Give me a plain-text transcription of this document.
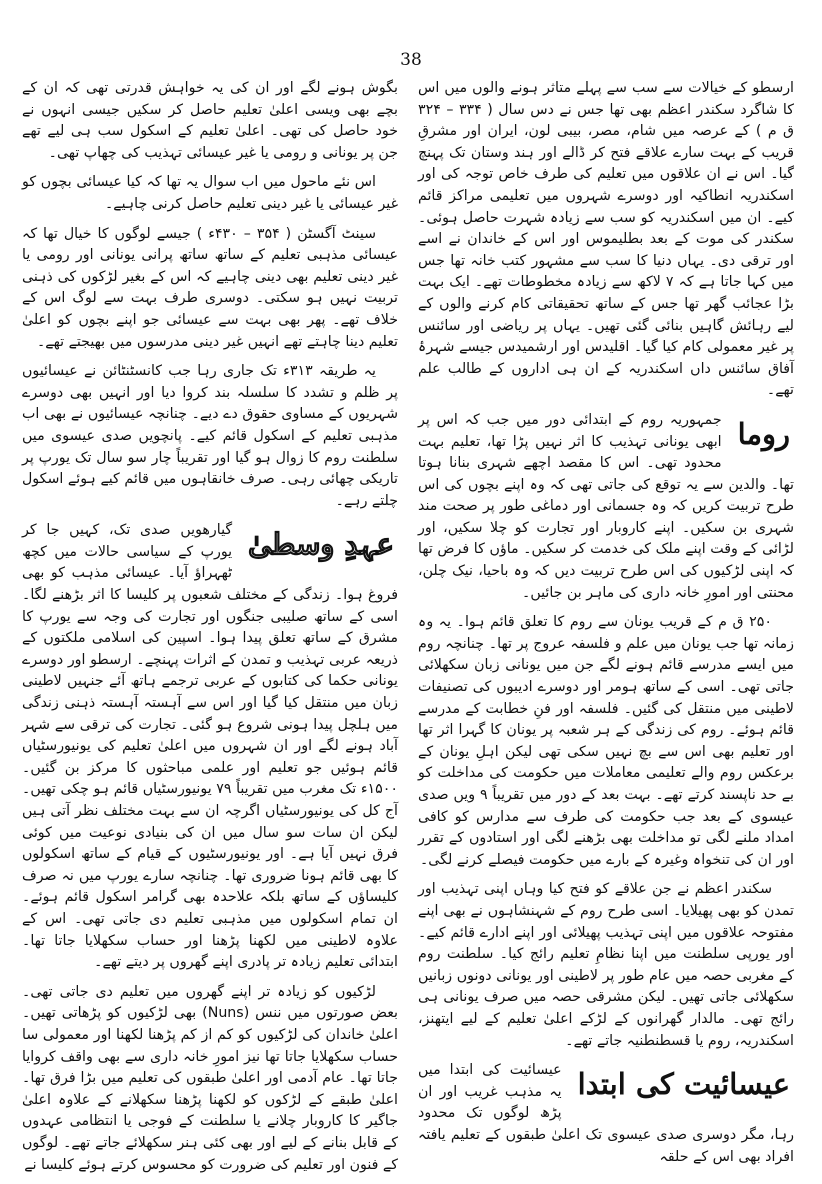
38

ارسطو کے خیالات سے سب سے پہلے متاثر ہونے والوں میں اس کا شاگرد سکندر اعظم بھی تھا جس نے دس سال ( ۳۳۴ – ۳۲۴ ق م ) کے عرصہ میں شام، مصر، بیبی لون، ایران اور مشرقِ قریب کے بہت سارے علاقے فتح کر ڈالے اور ہند وستان تک پہنچ گیا۔ اس نے ان علاقوں میں تعلیم کی طرف خاص توجہ کی اور اسکندریہ انطاکیہ اور دوسرے شہروں میں تعلیمی مراکز قائم کیے۔ ان میں اسکندریہ کو سب سے زیادہ شہرت حاصل ہوئی۔ سکندر کی موت کے بعد بطلیموس اور اس کے خاندان نے اسے اور ترقی دی۔ یہاں دنیا کا سب سے مشہور کتب خانہ تھا جس میں کہا جاتا ہے کہ ۷ لاکھ سے زیادہ مخطوطات تھے۔ ایک بہت بڑا عجائب گھر تھا جس کے ساتھ تحقیقاتی کام کرنے والوں کے لیے رہائش گاہیں بنائی گئی تھیں۔ یہاں پر ریاضی اور سائنس پر غیر معمولی کام کیا گیا۔ اقلیدس اور ارشمیدس جیسے شہرۂ آفاق سائنس داں اسکندریہ کے ان ہی اداروں کے طالب علم تھے۔

روما

جمہوریہ روم کے ابتدائی دور میں جب کہ اس پر ابھی یونانی تہذیب کا اثر نہیں پڑا تھا، تعلیم بہت محدود تھی۔ اس کا مقصد اچھے شہری بنانا ہوتا تھا۔ والدین سے یہ توقع کی جاتی تھی کہ وہ اپنے بچوں کی اس طرح تربیت کریں کہ وہ جسمانی اور دماغی طور پر صحت مند شہری بن سکیں۔ اپنے کاروبار اور تجارت کو چلا سکیں، اور لڑائی کے وقت اپنے ملک کی خدمت کر سکیں۔ ماؤں کا فرض تھا کہ اپنی لڑکیوں کی اس طرح تربیت دیں کہ وہ باحیا، نیک چلن، محنتی اور امورِ خانہ داری کی ماہر بن جائیں۔

۲۵۰ ق م کے قریب یونان سے روم کا تعلق قائم ہوا۔ یہ وہ زمانہ تھا جب یونان میں علم و فلسفہ عروج پر تھا۔ چنانچہ روم میں ایسے مدرسے قائم ہونے لگے جن میں یونانی زبان سکھلائی جاتی تھی۔ اسی کے ساتھ ہومر اور دوسرے ادیبوں کی تصنیفات لاطینی میں منتقل کی گئیں۔ فلسفہ اور فنِ خطابت کے مدرسے قائم ہوئے۔ روم کی زندگی کے ہر شعبہ پر یونان کا گہرا اثر تھا اور تعلیم بھی اس سے بچ نہیں سکی تھی لیکن اہلِ یونان کے برعکس روم والے تعلیمی معاملات میں حکومت کی مداخلت کو بے حد ناپسند کرتے تھے۔ بہت بعد کے دور میں تقریباً ۹ ویں صدی عیسوی کے بعد جب حکومت کی طرف سے مدارس کو کافی امداد ملنے لگی تو مداخلت بھی بڑھنے لگی اور استادوں کے تقرر اور ان کی تنخواہ وغیرہ کے بارے میں حکومت فیصلے کرنے لگی۔

سکندر اعظم نے جن علاقے کو فتح کیا وہاں اپنی تہذیب اور تمدن کو بھی پھیلایا۔ اسی طرح روم کے شہنشاہوں نے بھی اپنے مفتوحہ علاقوں میں اپنی تہذیب پھیلائی اور اپنے ادارے قائم کیے۔ اور یورپی سلطنت میں اپنا نظامِ تعلیم رائج کیا۔ سلطنت روم کے مغربی حصہ میں عام طور پر لاطینی اور یونانی دونوں زبانیں سکھلائی جاتی تھیں۔ لیکن مشرقی حصہ میں صرف یونانی ہی رائج تھی۔ مالدار گھرانوں کے لڑکے اعلیٰ تعلیم کے لیے ایتھنز، اسکندریہ، روم یا قسطنطنیہ جاتے تھے۔

عیسائیت کی ابتدا

عیسائیت کی ابتدا میں یہ مذہب غریب اور ان پڑھ لوگوں تک محدود رہا، مگر دوسری صدی عیسوی تک اعلیٰ طبقوں کے تعلیم یافتہ افراد بھی اس کے حلقہ

بگوش ہونے لگے اور ان کی یہ خواہش قدرتی تھی کہ ان کے بچے بھی ویسی اعلیٰ تعلیم حاصل کر سکیں جیسی انہوں نے خود حاصل کی تھی۔ اعلیٰ تعلیم کے اسکول سب ہی لیے تھے جن پر یونانی و رومی یا غیر عیسائی تہذیب کی چھاپ تھی۔

اس نئے ماحول میں اب سوال یہ تھا کہ کیا عیسائی بچوں کو غیر عیسائی یا غیر دینی تعلیم حاصل کرنی چاہیے۔

سینٹ آگسٹن ( ۳۵۴ – ۴۳۰ء ) جیسے لوگوں کا خیال تھا کہ عیسائی مذہبی تعلیم کے ساتھ ساتھ پرانی یونانی اور رومی یا غیر دینی تعلیم بھی دینی چاہیے کہ اس کے بغیر لڑکوں کی ذہنی تربیت نہیں ہو سکتی۔ دوسری طرف بہت سے لوگ اس کے خلاف تھے۔ پھر بھی بہت سے عیسائی جو اپنے بچوں کو اعلیٰ تعلیم دینا چاہتے تھے انہیں غیر دینی مدرسوں میں بھیجتے تھے۔

یہ طریقہ ۳۱۳ء تک جاری رہا جب کانسٹنٹائن نے عیسائیوں پر ظلم و تشدد کا سلسلہ بند کروا دیا اور انہیں بھی دوسرے شہریوں کے مساوی حقوق دے دیے۔ چنانچہ عیسائیوں نے بھی اب مذہبی تعلیم کے اسکول قائم کیے۔ پانچویں صدی عیسوی میں سلطنت روم کا زوال ہو گیا اور تقریباً چار سو سال تک یورپ پر تاریکی چھائی رہی۔ صرف خانقاہوں میں قائم کیے ہوئے اسکول چلتے رہے۔

عہدِ وسطیٰ

گیارھویں صدی تک، کہیں جا کر یورپ کے سیاسی حالات میں کچھ ٹھہراؤ آیا۔ عیسائی مذہب کو بھی فروغ ہوا۔ زندگی کے مختلف شعبوں پر کلیسا کا اثر بڑھنے لگا۔ اسی کے ساتھ صلیبی جنگوں اور تجارت کی وجہ سے یورپ کا مشرق کے ساتھ تعلق پیدا ہوا۔ اسپین کی اسلامی ملکتوں کے ذریعہ عربی تہذیب و تمدن کے اثرات پہنچے۔ ارسطو اور دوسرے یونانی حکما کی کتابوں کے عربی ترجمے ہاتھ آئے جنہیں لاطینی زبان میں منتقل کیا گیا اور اس سے آہستہ آہستہ ذہنی زندگی میں ہلچل پیدا ہونی شروع ہو گئی۔ تجارت کی ترقی سے شہر آباد ہونے لگے اور ان شہروں میں اعلیٰ تعلیم کی یونیورسٹیاں قائم ہوئیں جو تعلیم اور علمی مباحثوں کا مرکز بن گئیں۔ ۱۵۰۰ء تک مغرب میں تقریباً ۷۹ یونیورسٹیاں قائم ہو چکی تھیں۔ آج کل کی یونیورسٹیاں اگرچہ ان سے بہت مختلف نظر آتی ہیں لیکن ان سات سو سال میں ان کی بنیادی نوعیت میں کوئی فرق نہیں آیا ہے۔ اور یونیورسٹیوں کے قیام کے ساتھ اسکولوں کا بھی قائم ہونا ضروری تھا۔ چنانچہ سارے یورپ میں نہ صرف کلیساؤں کے ساتھ بلکہ علاحدہ بھی گرامر اسکول قائم ہوئے۔ ان تمام اسکولوں میں مذہبی تعلیم دی جاتی تھی۔ اس کے علاوہ لاطینی میں لکھنا پڑھنا اور حساب سکھلایا جاتا تھا۔ ابتدائی تعلیم زیادہ تر پادری اپنے گھروں پر دیتے تھے۔

لڑکیوں کو زیادہ تر اپنے گھروں میں تعلیم دی جاتی تھی۔ بعض صورتوں میں ننس (Nuns) بھی لڑکیوں کو پڑھاتی تھیں۔ اعلیٰ خاندان کی لڑکیوں کو کم از کم پڑھنا لکھنا اور معمولی سا حساب سکھلایا جاتا تھا نیز امورِ خانہ داری سے بھی واقف کروایا جاتا تھا۔ عام آدمی اور اعلیٰ طبقوں کی تعلیم میں بڑا فرق تھا۔ اعلیٰ طبقے کے لڑکوں کو لکھنا پڑھنا سکھلانے کے علاوہ اعلیٰ جاگیر کا کاروبار چلانے یا سلطنت کے فوجی یا انتظامی عہدوں کے قابل بنانے کے لیے اور بھی کئی ہنر سکھلائے جاتے تھے۔ لوگوں کے فنون اور تعلیم کی ضرورت کو محسوس کرتے ہوئے کلیسا نے
